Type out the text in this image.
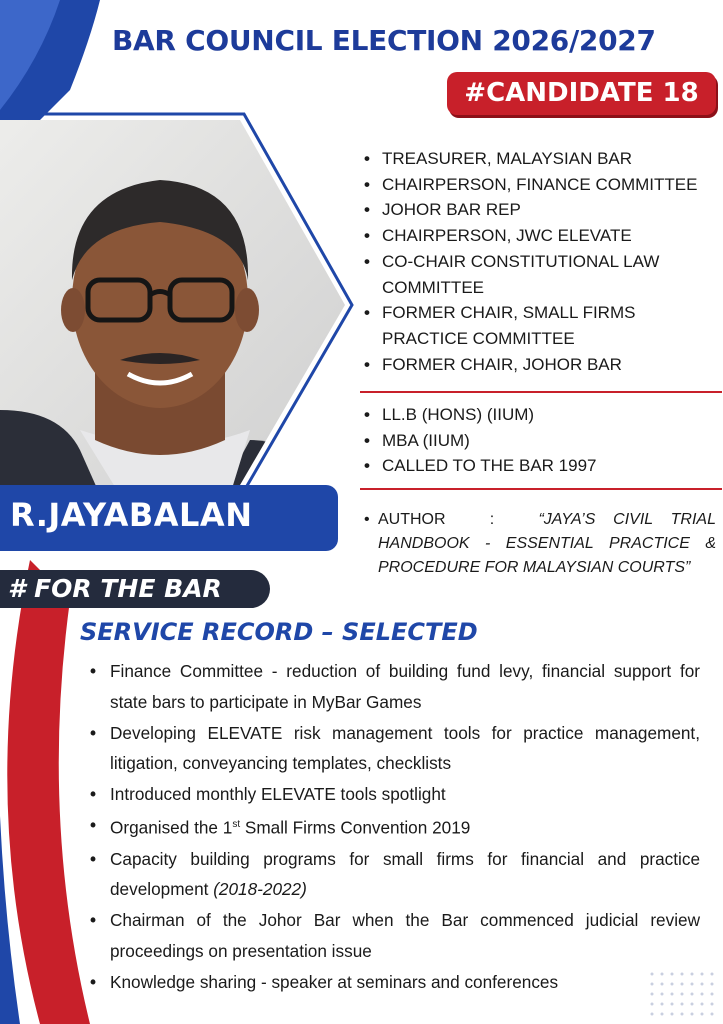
BAR COUNCIL ELECTION 2026/2027
#CANDIDATE 18
• TREASURER, MALAYSIAN BAR
• CHAIRPERSON, FINANCE COMMITTEE
• JOHOR BAR REP
• CHAIRPERSON, JWC ELEVATE
• CO-CHAIR CONSTITUTIONAL LAW
COMMITTEE
• FORMER CHAIR, SMALL FIRMS
PRACTICE COMMITTEE
• FORMER CHAIR, JOHOR BAR
• LL.B (HONS) (IIUM)
• MBA (IIUM)
• CALLED TO THE BAR 1997
• AUTHOR	:	“JAYA’S    CIVIL    TRIAL
HANDBOOK - ESSENTIAL PRACTICE &
PROCEDURE FOR MALAYSIAN COURTS”
R.JAYABALAN

# FOR THE BAR

SERVICE RECORD – SELECTED
• Finance Committee - reduction of building fund levy, financial support for state bars to participate in MyBar Games
• Developing ELEVATE risk management tools for practice management, litigation, conveyancing templates, checklists
• Introduced monthly ELEVATE tools spotlight
• Organised the 1st Small Firms Convention 2019
• Capacity building programs for small firms for financial and practice development (2018-2022)
• Chairman of the Johor Bar when the Bar commenced judicial review proceedings on presentation issue
• Knowledge sharing - speaker at seminars and conferences
